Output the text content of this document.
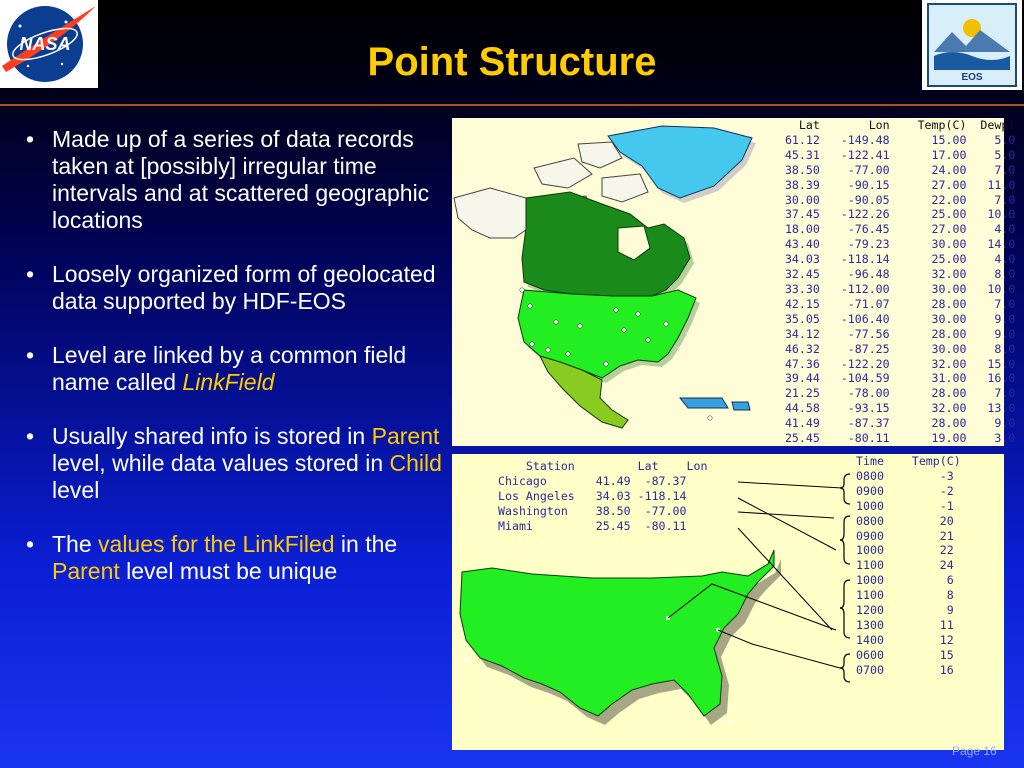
NASA	Point Structure	EOS
• Made up of a series of data records taken at [possibly] irregular time intervals and at scattered geographic locations
• Loosely organized form of geolocated data supported by HDF-EOS
• Level are linked by a common field name called LinkField
• Usually shared info is stored in Parent level, while data values stored in Child level
• The values for the LinkFiled in the Parent level must be unique
Lat       Lon    Temp(C)  Dewpt
61.12   -149.48      15.00    5.0
45.31   -122.41      17.00    5.0
38.50    -77.00      24.00    7.0
38.39    -90.15      27.00   11.0
30.00    -90.05      22.00    7.0
37.45   -122.26      25.00   10.0
18.00    -76.45      27.00    4.0
43.40    -79.23      30.00   14.0
34.03   -118.14      25.00    4.0
32.45    -96.48      32.00    8.0
33.30   -112.00      30.00   10.0
42.15    -71.07      28.00    7.0
35.05   -106.40      30.00    9.0
34.12    -77.56      28.00    9.0
46.32    -87.25      30.00    8.0
47.36   -122.20      32.00   15.0
39.44   -104.59      31.00   16.0
21.25    -78.00      28.00    7.0
44.58    -93.15      32.00   13.0
41.49    -87.37      28.00    9.0
25.45    -80.11      19.00    3.0
Station         Lat    Lon
Chicago       41.49  -87.37
Los Angeles   34.03 -118.14
Washington    38.50  -77.00
Miami         25.45  -80.11
Time    Temp(C)
0800        -3
0900        -2
1000        -1
0800        20
0900        21
1000        22
1100        24
1000         6
1100         8
1200         9
1300        11
1400        12
0600        15
0700        16
Page 16
